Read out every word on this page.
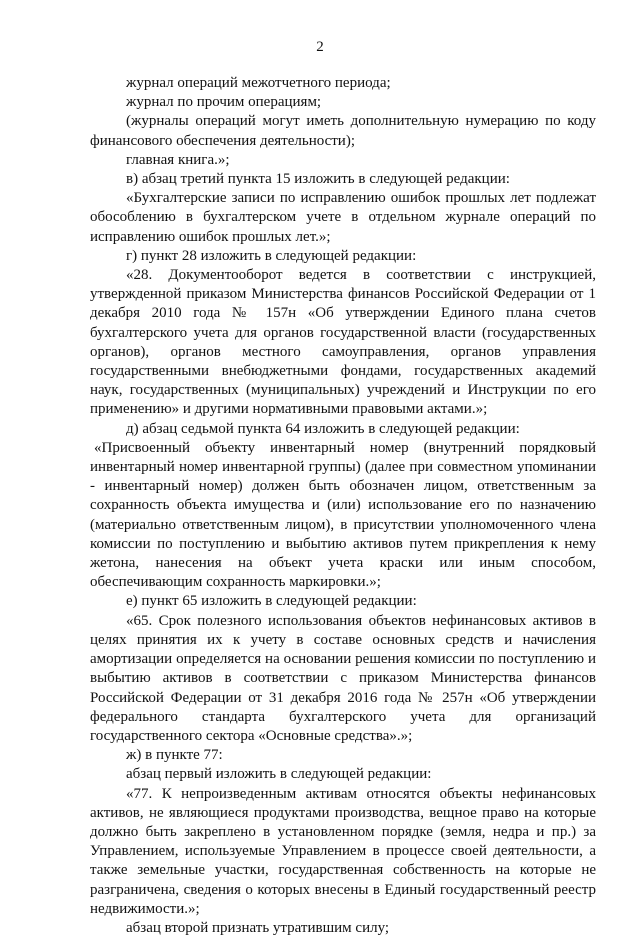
2

журнал операций межотчетного периода;

журнал по прочим операциям;

(журналы операций могут иметь дополнительную нумерацию по коду финансового обеспечения деятельности);

главная книга.»;

в) абзац третий пункта 15 изложить в следующей редакции:

«Бухгалтерские записи по исправлению ошибок прошлых лет подлежат обособлению в бухгалтерском учете в отдельном журнале операций по исправлению ошибок прошлых лет.»;

г) пункт 28 изложить в следующей редакции:

«28. Документооборот ведется в соответствии с инструкцией, утвержденной приказом Министерства финансов Российской Федерации от 1 декабря 2010 года № 157н «Об утверждении Единого плана счетов бухгалтерского учета для органов государственной власти (государственных органов), органов местного самоуправления, органов управления государственными внебюджетными фондами, государственных академий наук, государственных (муниципальных) учреждений и Инструкции по его применению» и другими нормативными правовыми актами.»;

д) абзац седьмой пункта 64 изложить в следующей редакции:

«Присвоенный объекту инвентарный номер (внутренний порядковый инвентарный номер инвентарной группы) (далее при совместном упоминании - инвентарный номер) должен быть обозначен лицом, ответственным за сохранность объекта имущества и (или) использование его по назначению (материально ответственным лицом), в присутствии уполномоченного члена комиссии по поступлению и выбытию активов путем прикрепления к нему жетона, нанесения на объект учета краски или иным способом, обеспечивающим сохранность маркировки.»;

е) пункт 65 изложить в следующей редакции:

«65. Срок полезного использования объектов нефинансовых активов в целях принятия их к учету в составе основных средств и начисления амортизации определяется на основании решения комиссии по поступлению и выбытию активов в соответствии с приказом Министерства финансов Российской Федерации от 31 декабря 2016 года № 257н «Об утверждении федерального стандарта бухгалтерского учета для организаций государственного сектора «Основные средства».»;

ж) в пункте 77:

абзац первый изложить в следующей редакции:

«77. К непроизведенным активам относятся объекты нефинансовых активов, не являющиеся продуктами производства, вещное право на которые должно быть закреплено в установленном порядке (земля, недра и пр.) за Управлением, используемые Управлением в процессе своей деятельности, а также земельные участки, государственная собственность на которые не разграничена, сведения о которых внесены в Единый государственный реестр недвижимости.»;

абзац второй признать утратившим силу;
